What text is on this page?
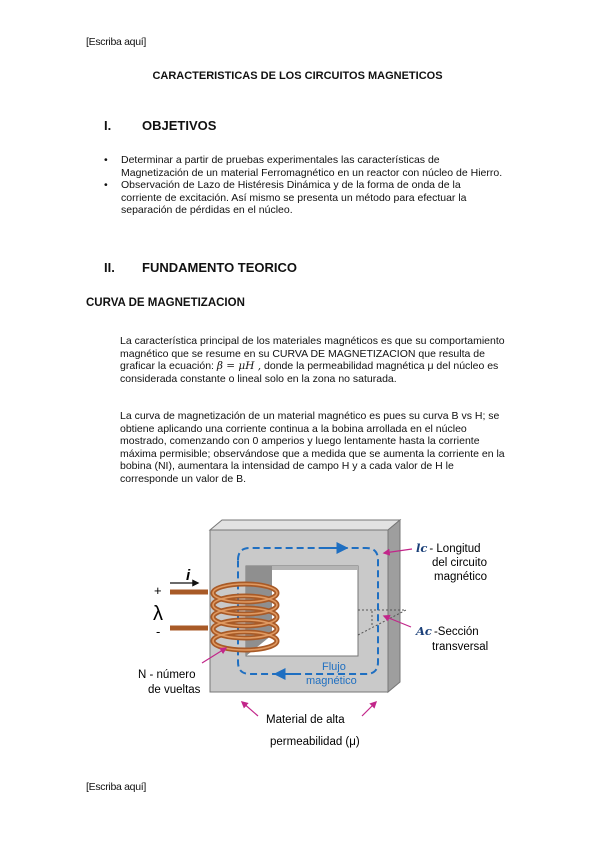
[Escriba aquí]
CARACTERISTICAS DE LOS CIRCUITOS MAGNETICOS
I. OBJETIVOS
• Determinar a partir de pruebas experimentales las características de Magnetización de un material Ferromagnético en un reactor con núcleo de Hierro.
• Observación de Lazo de Histéresis Dinámica y de la forma de onda de la corriente de excitación. Así mismo se presenta un método para efectuar la separación de pérdidas en el núcleo.
II. FUNDAMENTO TEORICO
CURVA DE MAGNETIZACION

La característica principal de los materiales magnéticos es que su comportamiento magnético que se resume en su CURVA DE MAGNETIZACION que resulta de graficar la ecuación: β = μH , donde la permeabilidad magnética μ del núcleo es considerada constante o lineal solo en la zona no saturada.

La curva de magnetización de un material magnético es pues su curva B vs H; se obtiene aplicando una corriente continua a la bobina arrollada en el núcleo mostrado, comenzando con 0 amperios y luego lentamente hasta la corriente máxima permisible; observándose que a medida que se aumenta la corriente en la bobina (NI), aumentara la intensidad de campo H y a cada valor de H le corresponde un valor de B.

i
+
λ
-
lc - Longitud
del circuito
magnético
Ac -Sección
transversal
N - número
de vueltas
Flujo
magnético
Material de alta
permeabilidad (μ)
[Escriba aquí]
